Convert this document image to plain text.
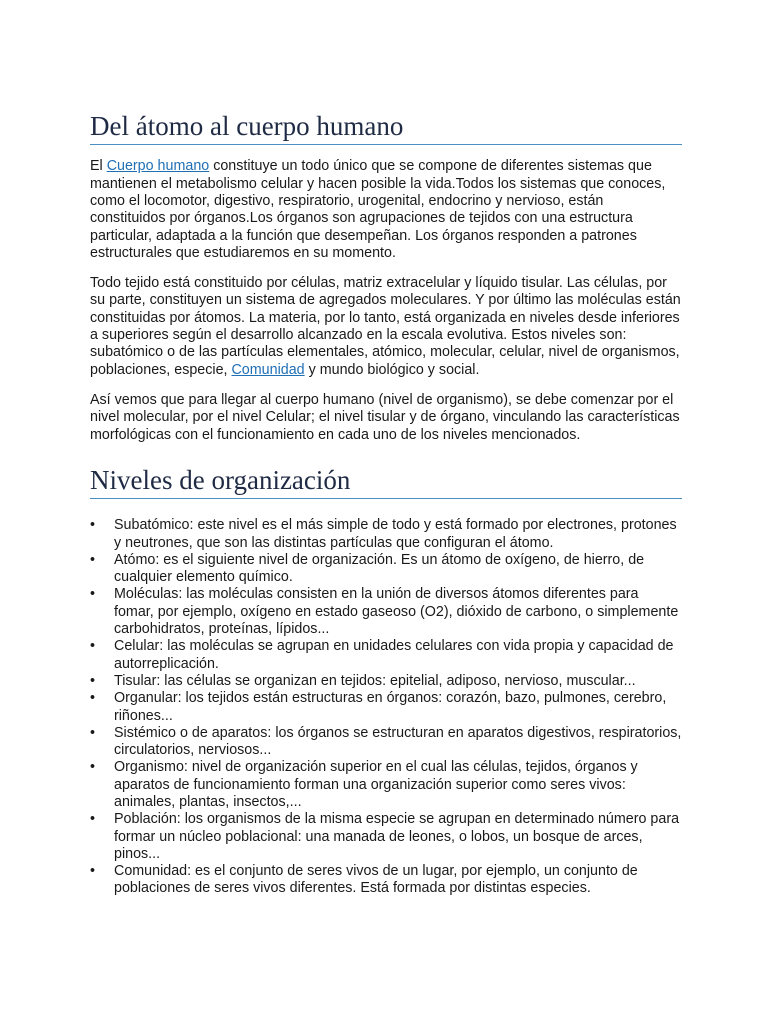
Del átomo al cuerpo humano

El Cuerpo humano constituye un todo único que se compone de diferentes sistemas que mantienen el metabolismo celular y hacen posible la vida.Todos los sistemas que conoces, como el locomotor, digestivo, respiratorio, urogenital, endocrino y nervioso, están constituidos por órganos.Los órganos son agrupaciones de tejidos con una estructura particular, adaptada a la función que desempeñan. Los órganos responden a patrones estructurales que estudiaremos en su momento.

Todo tejido está constituido por células, matriz extracelular y líquido tisular. Las células, por su parte, constituyen un sistema de agregados moleculares. Y por último las moléculas están constituidas por átomos. La materia, por lo tanto, está organizada en niveles desde inferiores a superiores según el desarrollo alcanzado en la escala evolutiva. Estos niveles son: subatómico o de las partículas elementales, atómico, molecular, celular, nivel de organismos, poblaciones, especie, Comunidad y mundo biológico y social.

Así vemos que para llegar al cuerpo humano (nivel de organismo), se debe comenzar por el nivel molecular, por el nivel Celular; el nivel tisular y de órgano, vinculando las características morfológicas con el funcionamiento en cada uno de los niveles mencionados.

Niveles de organización
•	Subatómico: este nivel es el más simple de todo y está formado por electrones, protones y neutrones, que son las distintas partículas que configuran el átomo.
•	Atómo: es el siguiente nivel de organización. Es un átomo de oxígeno, de hierro, de cualquier elemento químico.
•	Moléculas: las moléculas consisten en la unión de diversos átomos diferentes para fomar, por ejemplo, oxígeno en estado gaseoso (O2), dióxido de carbono, o simplemente carbohidratos, proteínas, lípidos...
•	Celular: las moléculas se agrupan en unidades celulares con vida propia y capacidad de autorreplicación.
•	Tisular: las células se organizan en tejidos: epitelial, adiposo, nervioso, muscular...
•	Organular: los tejidos están estructuras en órganos: corazón, bazo, pulmones, cerebro, riñones...
•	Sistémico o de aparatos: los órganos se estructuran en aparatos digestivos, respiratorios, circulatorios, nerviosos...
•	Organismo: nivel de organización superior en el cual las células, tejidos, órganos y aparatos de funcionamiento forman una organización superior como seres vivos: animales, plantas, insectos,...
•	Población: los organismos de la misma especie se agrupan en determinado número para formar un núcleo poblacional: una manada de leones, o lobos, un bosque de arces, pinos...
•	Comunidad: es el conjunto de seres vivos de un lugar, por ejemplo, un conjunto de poblaciones de seres vivos diferentes. Está formada por distintas especies.
